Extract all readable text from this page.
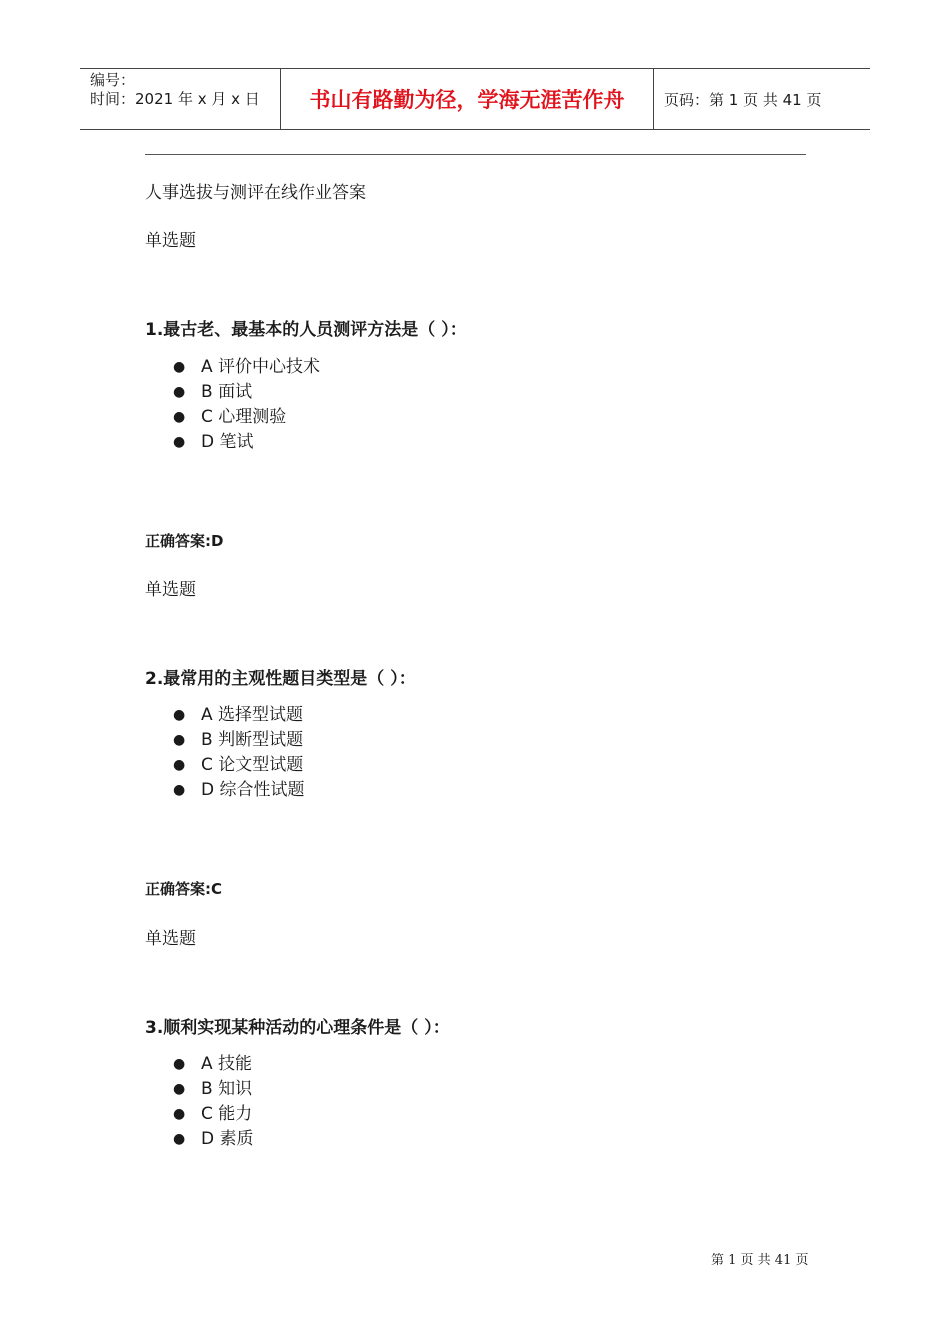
编号：
时间：2021 年 x 月 x 日	书山有路勤为径，学海无涯苦作舟	页码：第 1 页 共 41 页
人事选拔与测评在线作业答案
单选题
1.最古老、最基本的人员测评方法是（ ）：
● A 评价中心技术
● B 面试
● C 心理测验
● D 笔试
正确答案:D
单选题
2.最常用的主观性题目类型是（ ）：
● A 选择型试题
● B 判断型试题
● C 论文型试题
● D 综合性试题
正确答案:C
单选题
3.顺利实现某种活动的心理条件是（ ）：
● A 技能
● B 知识
● C 能力
● D 素质
第 1 页 共 41 页
